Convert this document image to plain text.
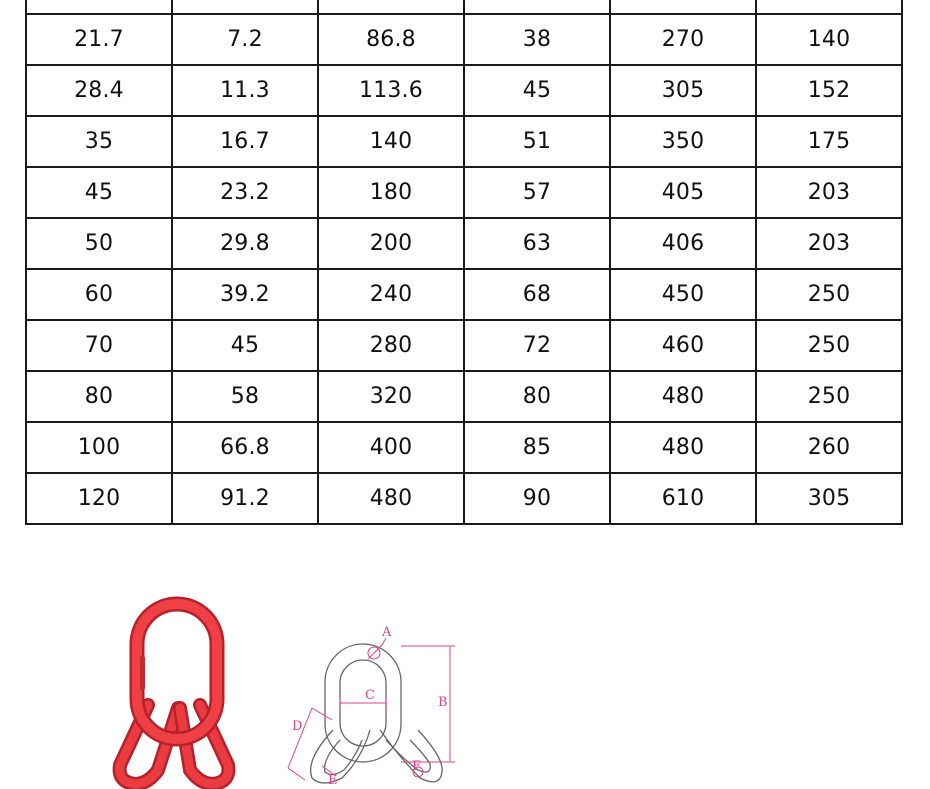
21.7	7.2	86.8	38	270	140
28.4	11.3	113.6	45	305	152
35	16.7	140	51	350	175
45	23.2	180	57	405	203
50	29.8	200	63	406	203
60	39.2	240	68	450	250
70	45	280	72	460	250
80	58	320	80	480	250
100	66.8	400	85	480	260
120	91.2	480	90	610	305
A
B
C
D
E
F
